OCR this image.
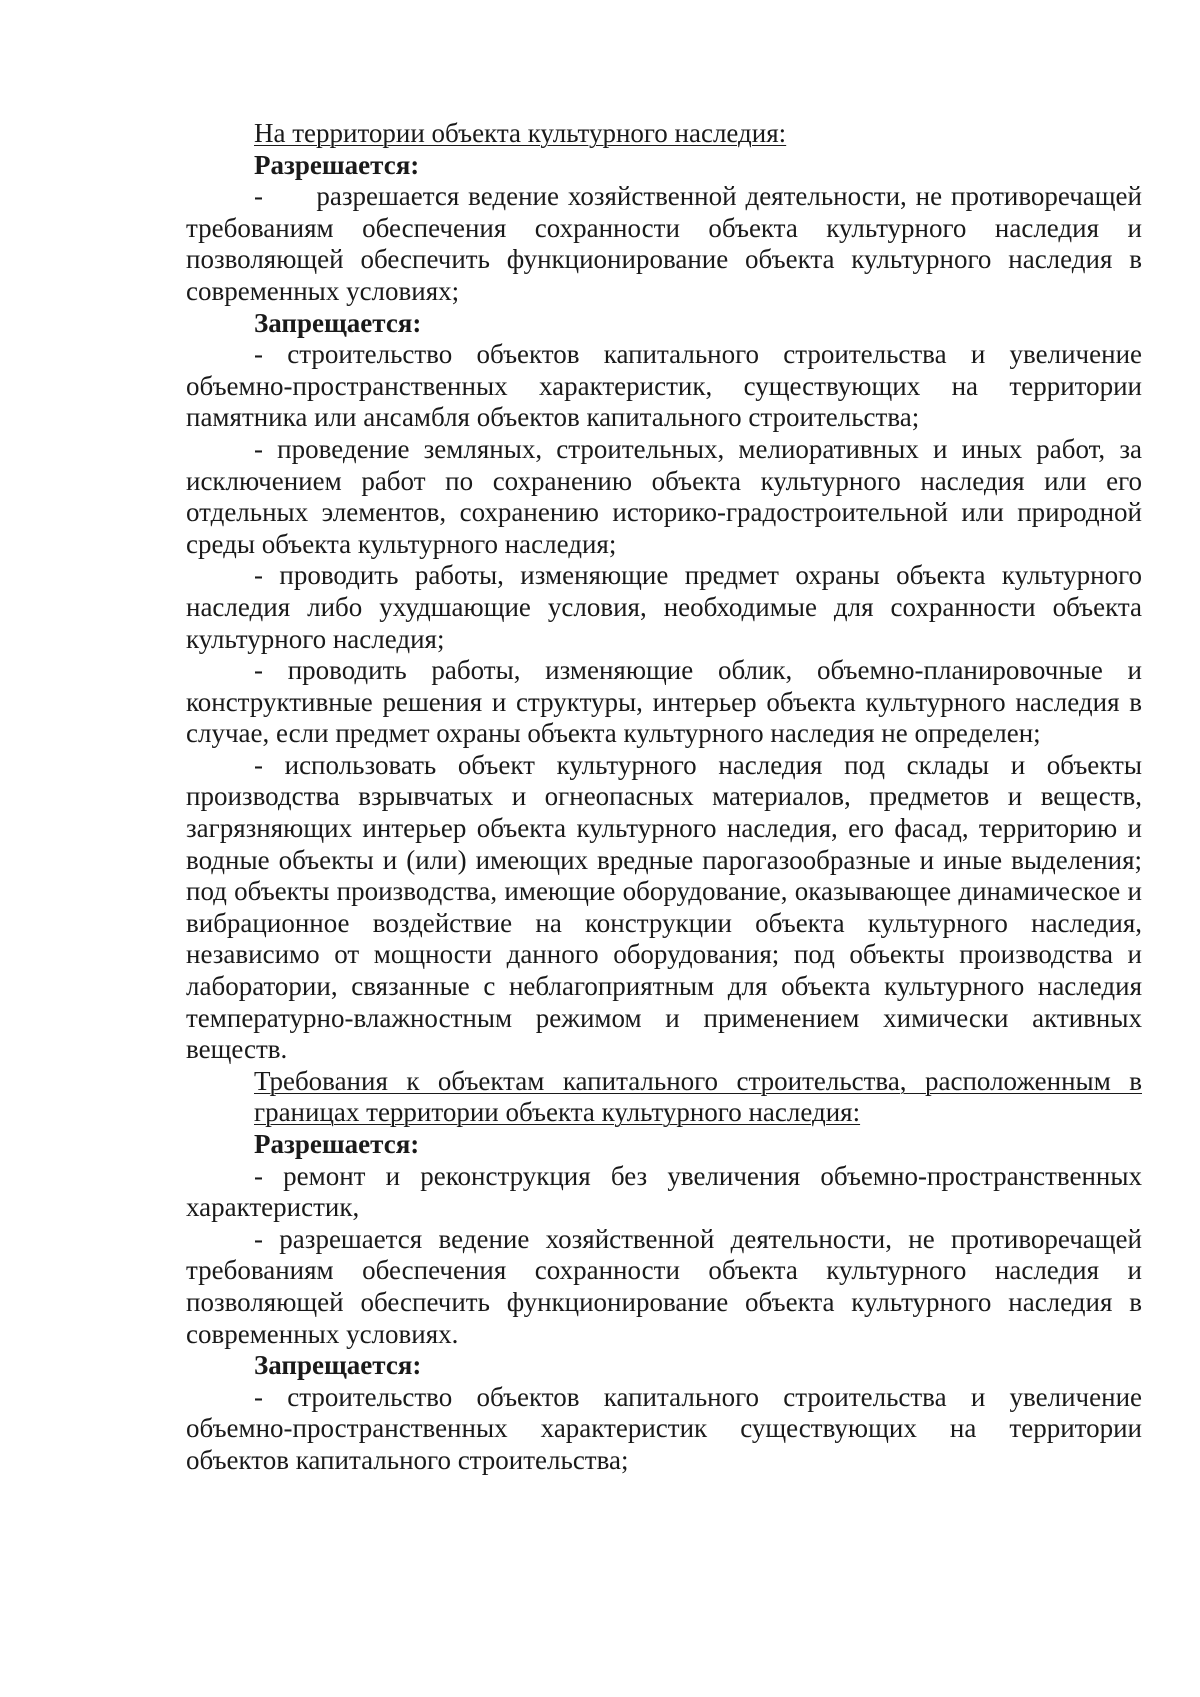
На территории объекта культурного наследия:

Разрешается:

-      разрешается ведение хозяйственной деятельности, не противоречащей требованиям обеспечения сохранности объекта культурного наследия и позволяющей обеспечить функционирование объекта культурного наследия в современных условиях;

Запрещается:

- строительство объектов капитального строительства и увеличение объемно-пространственных характеристик, существующих на территории памятника или ансамбля объектов капитального строительства;

- проведение земляных, строительных, мелиоративных и иных работ, за исключением работ по сохранению объекта культурного наследия или его отдельных элементов, сохранению историко-градостроительной или природной среды объекта культурного наследия;

- проводить работы, изменяющие предмет охраны объекта культурного наследия либо ухудшающие условия, необходимые для сохранности объекта культурного наследия;

- проводить работы, изменяющие облик, объемно-планировочные и конструктивные решения и структуры, интерьер объекта культурного наследия в случае, если предмет охраны объекта культурного наследия не определен;

- использовать объект культурного наследия под склады и объекты производства взрывчатых и огнеопасных материалов, предметов и веществ, загрязняющих интерьер объекта культурного наследия, его фасад, территорию и водные объекты и (или) имеющих вредные парогазообразные и иные выделения; под объекты производства, имеющие оборудование, оказывающее динамическое и вибрационное воздействие на конструкции объекта культурного наследия, независимо от мощности данного оборудования; под объекты производства и лаборатории, связанные с неблагоприятным для объекта культурного наследия температурно-влажностным режимом и применением химически активных веществ.

Требования к объектам капитального строительства, расположенным в границах территории объекта культурного наследия:

Разрешается:

- ремонт и реконструкция без увеличения объемно-пространственных характеристик,

- разрешается ведение хозяйственной деятельности, не противоречащей требованиям обеспечения сохранности объекта культурного наследия и позволяющей обеспечить функционирование объекта культурного наследия в современных условиях.

Запрещается:

- строительство объектов капитального строительства и увеличение объемно-пространственных характеристик существующих на территории объектов капитального строительства;
